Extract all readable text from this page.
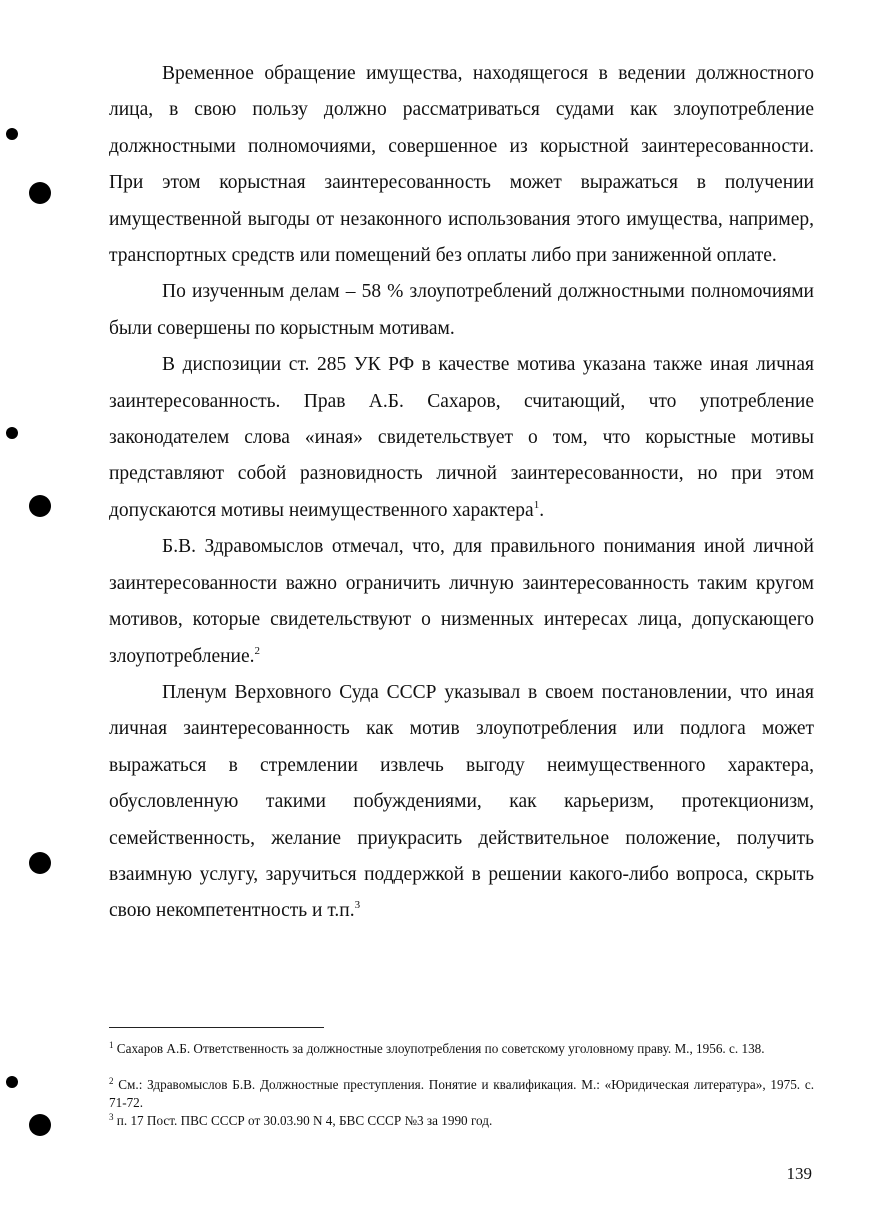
Временное обращение имущества, находящегося в ведении должностного лица, в свою пользу должно рассматриваться судами как злоупотребление должностными полномочиями, совершенное из корыстной заинтересованности. При этом корыстная заинтересованность может выражаться в получении имущественной выгоды от незаконного использования этого имущества, например, транспортных средств или помещений без оплаты либо при заниженной оплате.

По изученным делам – 58 % злоупотреблений должностными полномочиями были совершены по корыстным мотивам.

В диспозиции ст. 285 УК РФ в качестве мотива указана также иная личная заинтересованность. Прав А.Б. Сахаров, считающий, что употребление законодателем слова «иная» свидетельствует о том, что корыстные мотивы представляют собой разновидность личной заинтересованности, но при этом допускаются мотивы неимущественного характера$^1$.

Б.В. Здравомыслов отмечал, что, для правильного понимания иной личной заинтересованности важно ограничить личную заинтересованность таким кругом мотивов, которые свидетельствуют о низменных интересах лица, допускающего злоупотребление.$^2$

Пленум Верховного Суда СССР указывал в своем постановлении, что иная личная заинтересованность как мотив злоупотребления или подлога может выражаться в стремлении извлечь выгоду неимущественного характера, обусловленную такими побуждениями, как карьеризм, протекционизм, семейственность, желание приукрасить действительное положение, получить взаимную услугу, заручиться поддержкой в решении какого-либо вопроса, скрыть свою некомпетентность и т.п.$^3$

$^1$ Сахаров А.Б. Ответственность за должностные злоупотребления по советскому уголовному праву. М., 1956. с. 138.

$^2$ См.: Здравомыслов Б.В. Должностные преступления. Понятие и квалификация. М.: «Юридическая литература», 1975. с. 71-72.

$^3$ п. 17 Пост. ПВС СССР от 30.03.90 N 4, БВС СССР №3 за 1990 год.

139
